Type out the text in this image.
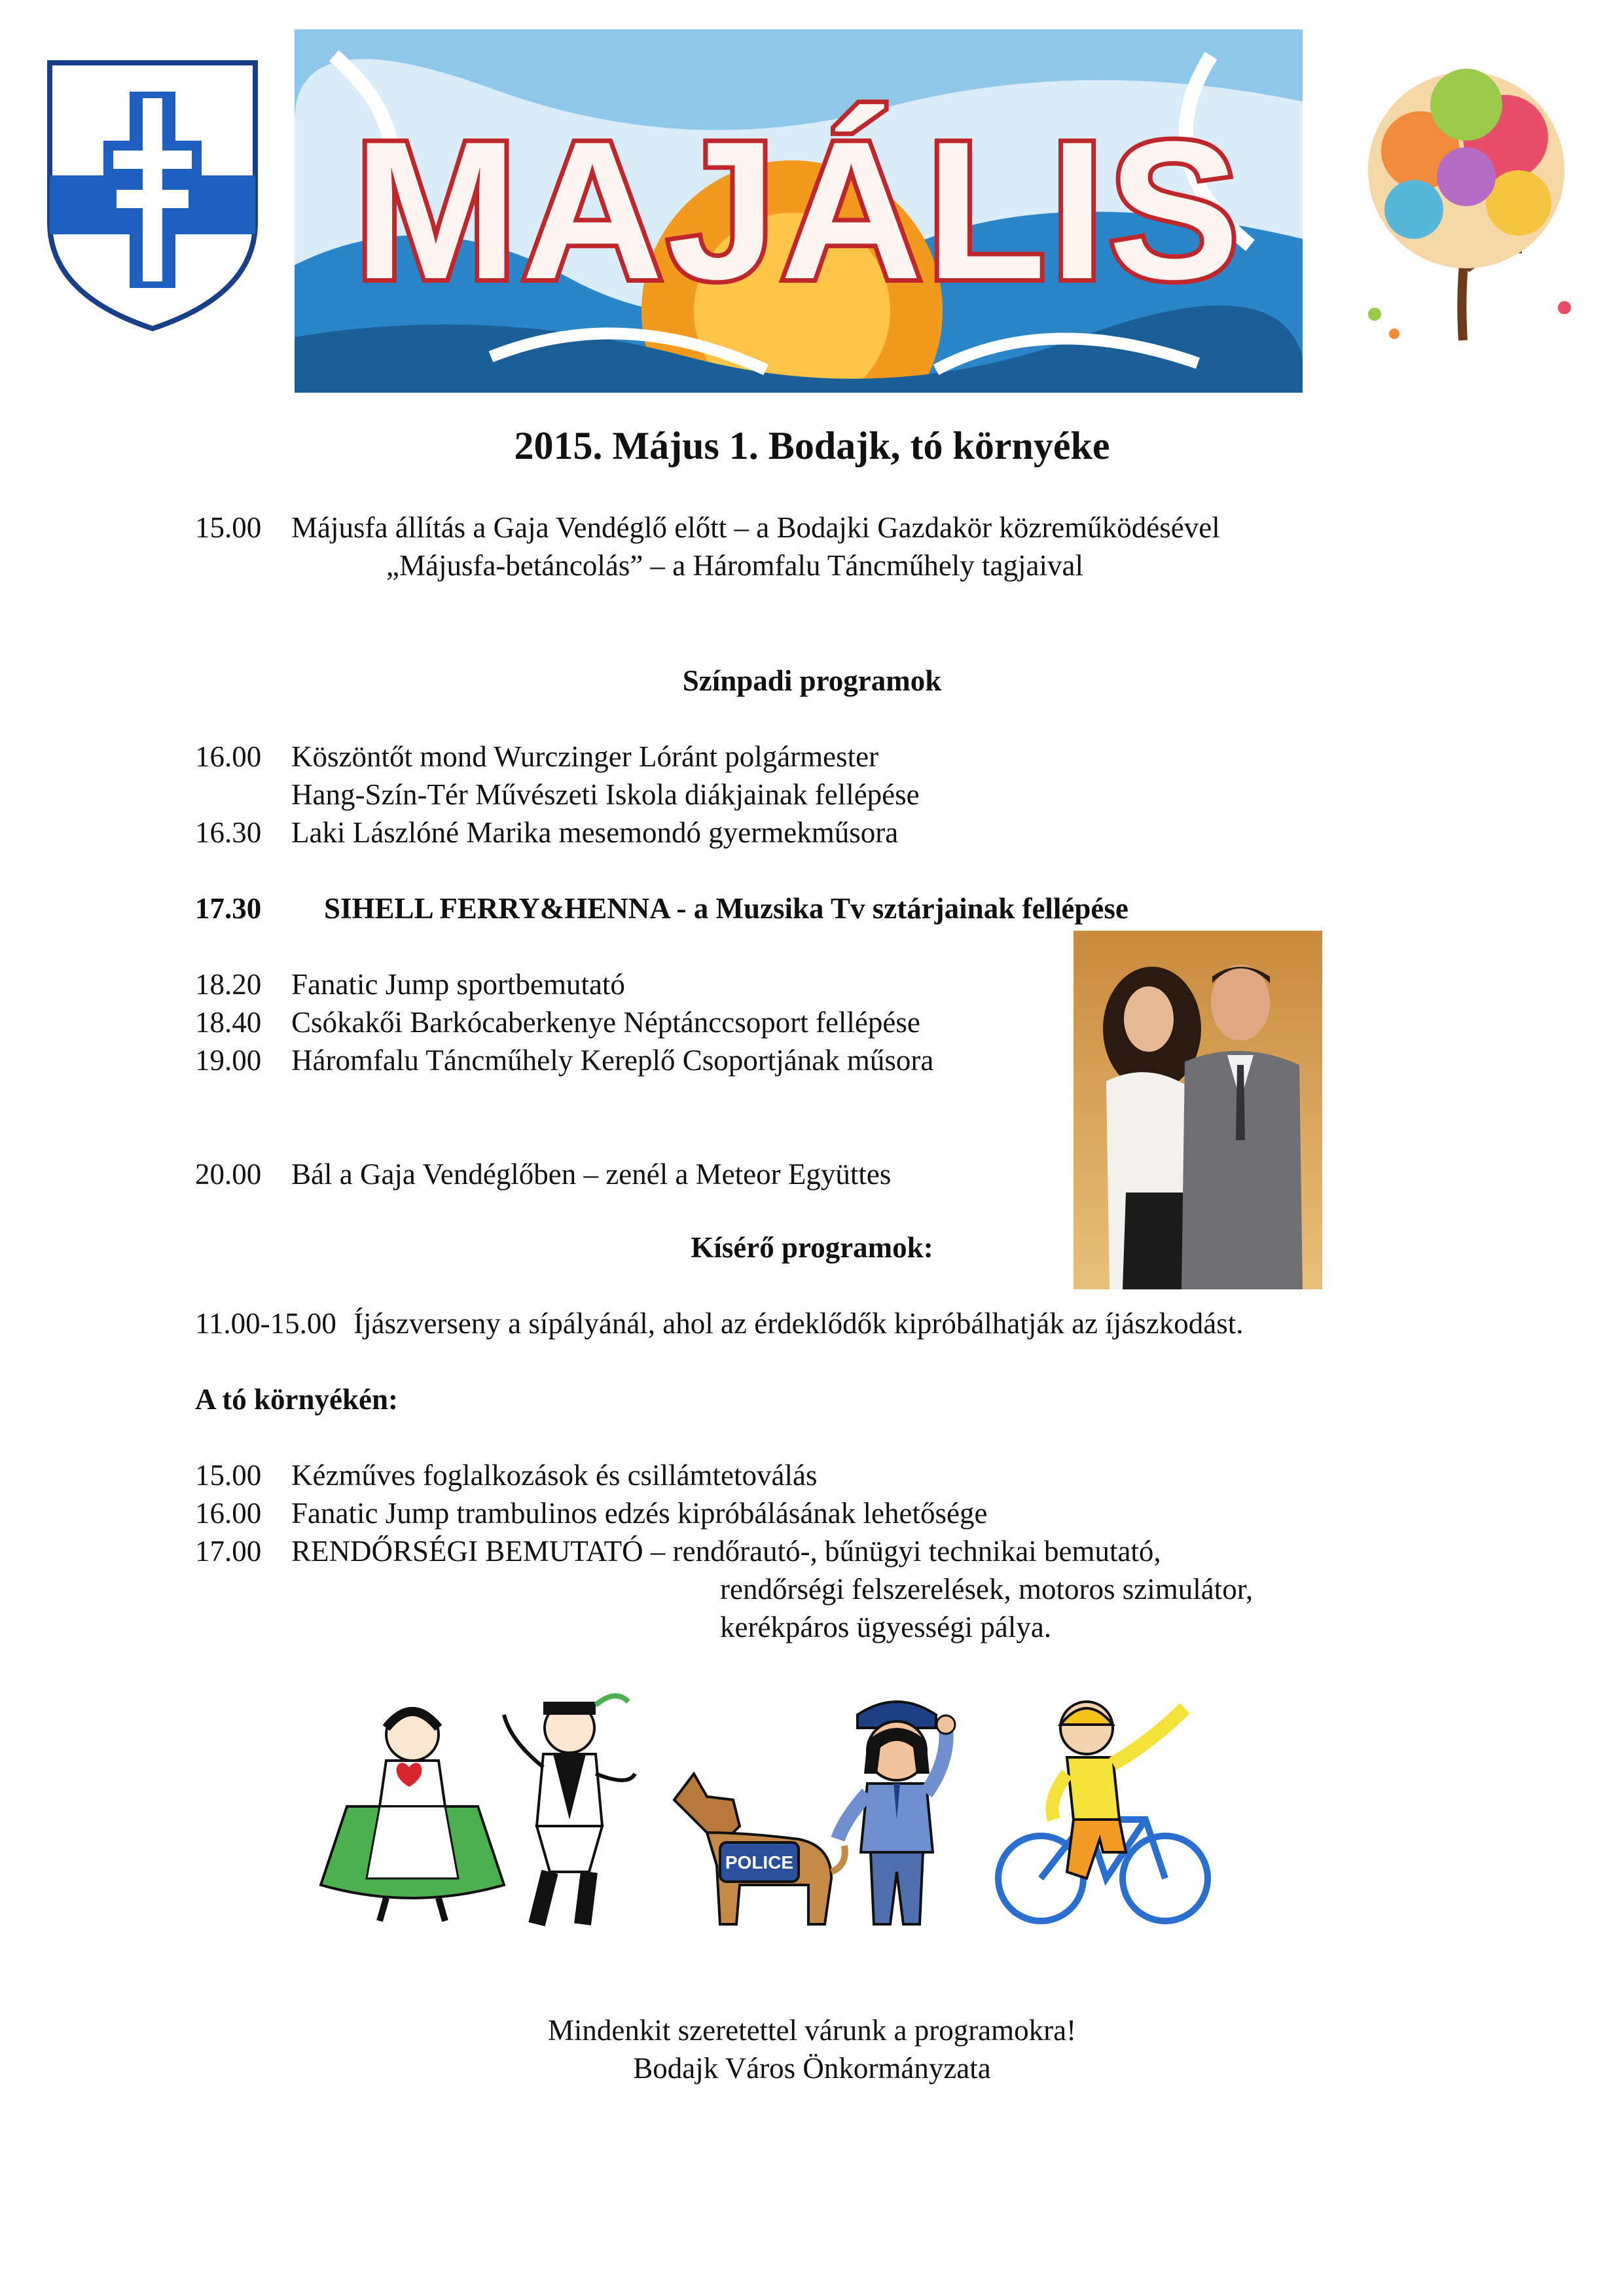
MAJÁLIS
2015. Május 1. Bodajk, tó környéke
15.00 Májusfa állítás a Gaja Vendéglő előtt – a Bodajki Gazdakör közreműködésével
„Májusfa-betáncolás” – a Háromfalu Táncműhely tagjaival
Színpadi programok
16.00 Köszöntőt mond Wurczinger Lóránt polgármester
Hang-Szín-Tér Művészeti Iskola diákjainak fellépése
16.30 Laki Lászlóné Marika mesemondó gyermekműsora
17.30 SIHELL FERRY&HENNA - a Muzsika Tv sztárjainak fellépése
18.20 Fanatic Jump sportbemutató
18.40 Csókakői Barkócaberkenye Néptánccsoport fellépése
19.00 Háromfalu Táncműhely Kereplő Csoportjának műsora
20.00 Bál a Gaja Vendéglőben – zenél a Meteor Együttes
Kísérő programok:
11.00-15.00 Íjászverseny a sípályánál, ahol az érdeklődők kipróbálhatják az íjászkodást.
A tó környékén:
15.00 Kézműves foglalkozások és csillámtetoválás
16.00 Fanatic Jump trambulinos edzés kipróbálásának lehetősége
17.00 RENDŐRSÉGI BEMUTATÓ – rendőrautó-, bűnügyi technikai bemutató,
rendőrségi felszerelések, motoros szimulátor,
kerékpáros ügyességi pálya.
POLICE
Mindenkit szeretettel várunk a programokra!
Bodajk Város Önkormányzata
